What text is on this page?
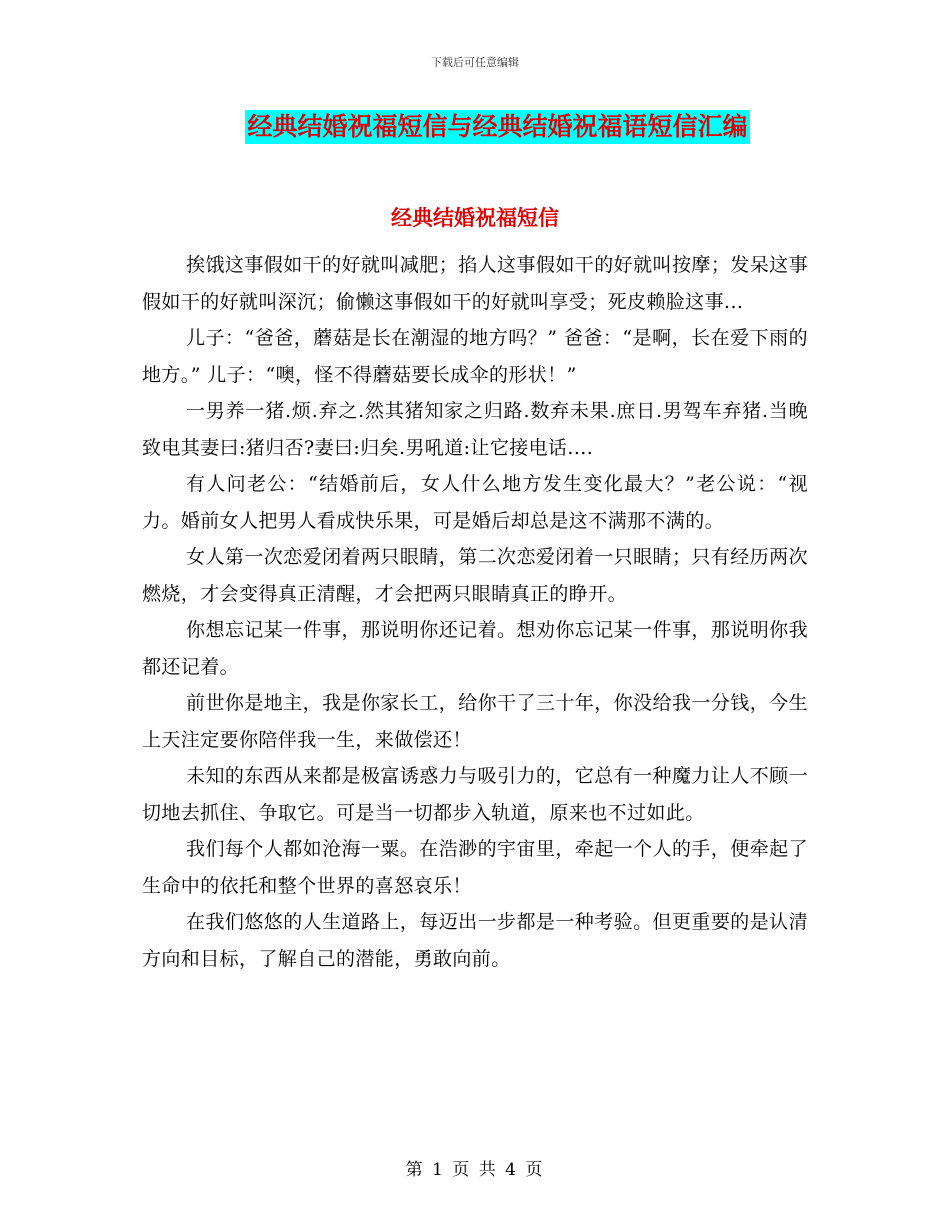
下载后可任意编辑
经典结婚祝福短信与经典结婚祝福语短信汇编
经典结婚祝福短信

挨饿这事假如干的好就叫减肥；掐人这事假如干的好就叫按摩；发呆这事假如干的好就叫深沉；偷懒这事假如干的好就叫享受；死皮赖脸这事...

儿子：“爸爸，蘑菇是长在潮湿的地方吗？” 爸爸：“是啊，长在爱下雨的地方。” 儿子：“噢，怪不得蘑菇要长成伞的形状！”

一男养一猪.烦.弃之.然其猪知家之归路.数弃未果.庶日.男驾车弃猪.当晚致电其妻曰:猪归否?妻曰:归矣.男吼道:让它接电话....

有人问老公：“结婚前后，女人什么地方发生变化最大？”老公说：“视力。婚前女人把男人看成快乐果，可是婚后却总是这不满那不满的。

女人第一次恋爱闭着两只眼睛，第二次恋爱闭着一只眼睛；只有经历两次燃烧，才会变得真正清醒，才会把两只眼睛真正的睁开。

你想忘记某一件事，那说明你还记着。想劝你忘记某一件事，那说明你我都还记着。

前世你是地主，我是你家长工，给你干了三十年，你没给我一分钱，今生上天注定要你陪伴我一生，来做偿还！

未知的东西从来都是极富诱惑力与吸引力的，它总有一种魔力让人不顾一切地去抓住、争取它。可是当一切都步入轨道，原来也不过如此。

我们每个人都如沧海一粟。在浩渺的宇宙里，牵起一个人的手，便牵起了生命中的依托和整个世界的喜怒哀乐！

在我们悠悠的人生道路上，每迈出一步都是一种考验。但更重要的是认清方向和目标，了解自己的潜能，勇敢向前。

第 1 页 共 4 页
